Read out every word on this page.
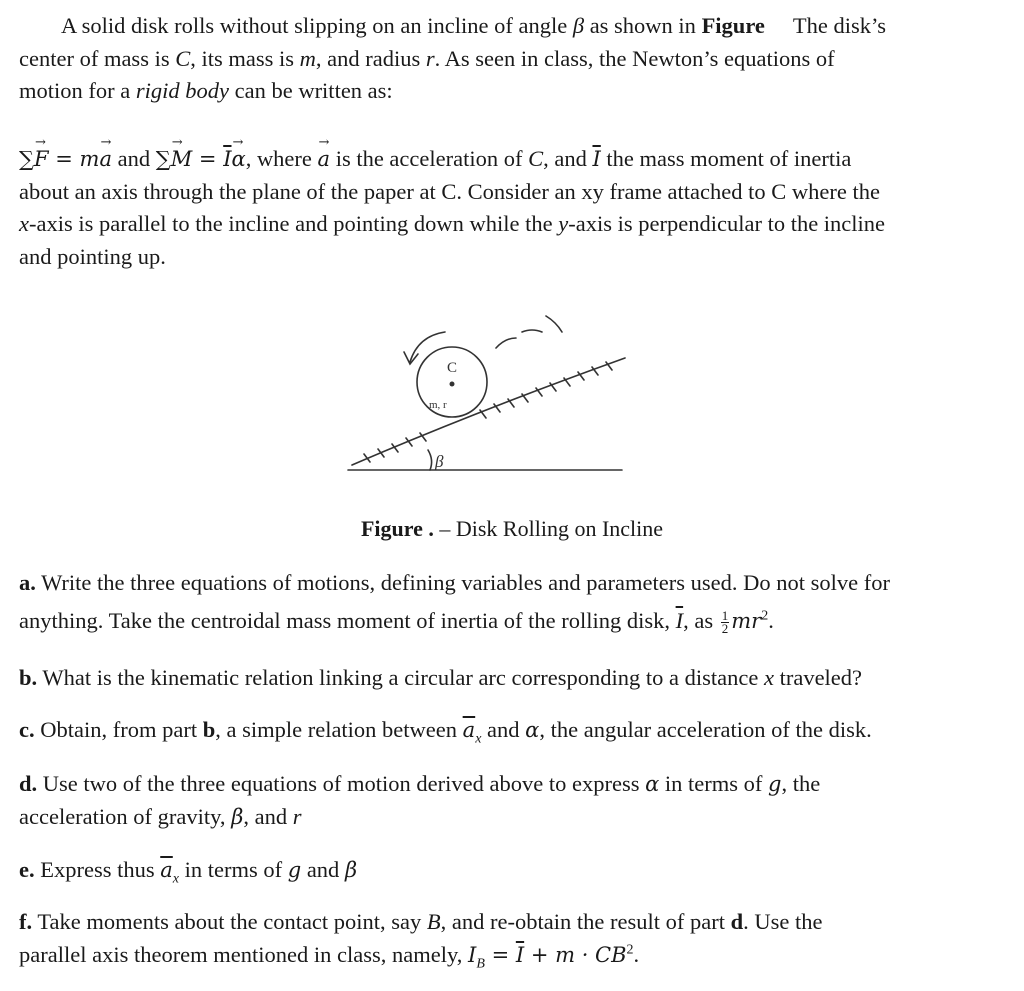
A solid disk rolls without slipping on an incline of angle β as shown in Figure The disk’s
center of mass is C, its mass is m, and radius r. As seen in class, the Newton’s equations of
motion for a rigid body can be written as:

∑→ F = m→ a and ∑→ $M = \overline{I}\to \alpha$, where → a is the acceleration of C, and $\overline{I}$ the mass moment of inertia
about an axis through the plane of the paper at C. Consider an xy frame attached to C where the
x-axis is parallel to the incline and pointing down while the y-axis is perpendicular to the incline
and pointing up.

C
m, r
β
Figure . – Disk Rolling on Incline

a. Write the three equations of motions, defining variables and parameters used. Do not solve for
anything. Take the centroidal mass moment of inertia of the rolling disk, $\overline{I}$, as $\frac{1}{2} mr^2$.

b. What is the kinematic relation linking a circular arc corresponding to a distance x traveled?

c. Obtain, from part b, a simple relation between $\overline{a}_x$ and α, the angular acceleration of the disk.

d. Use two of the three equations of motion derived above to express α in terms of g, the
acceleration of gravity, β, and r

e. Express thus $\overline{a}_x$ in terms of g and β

f. Take moments about the contact point, say B, and re-obtain the result of part d. Use the
parallel axis theorem mentioned in class, namely, $I_B = \overline{I} + m \cdot CB^2$.
